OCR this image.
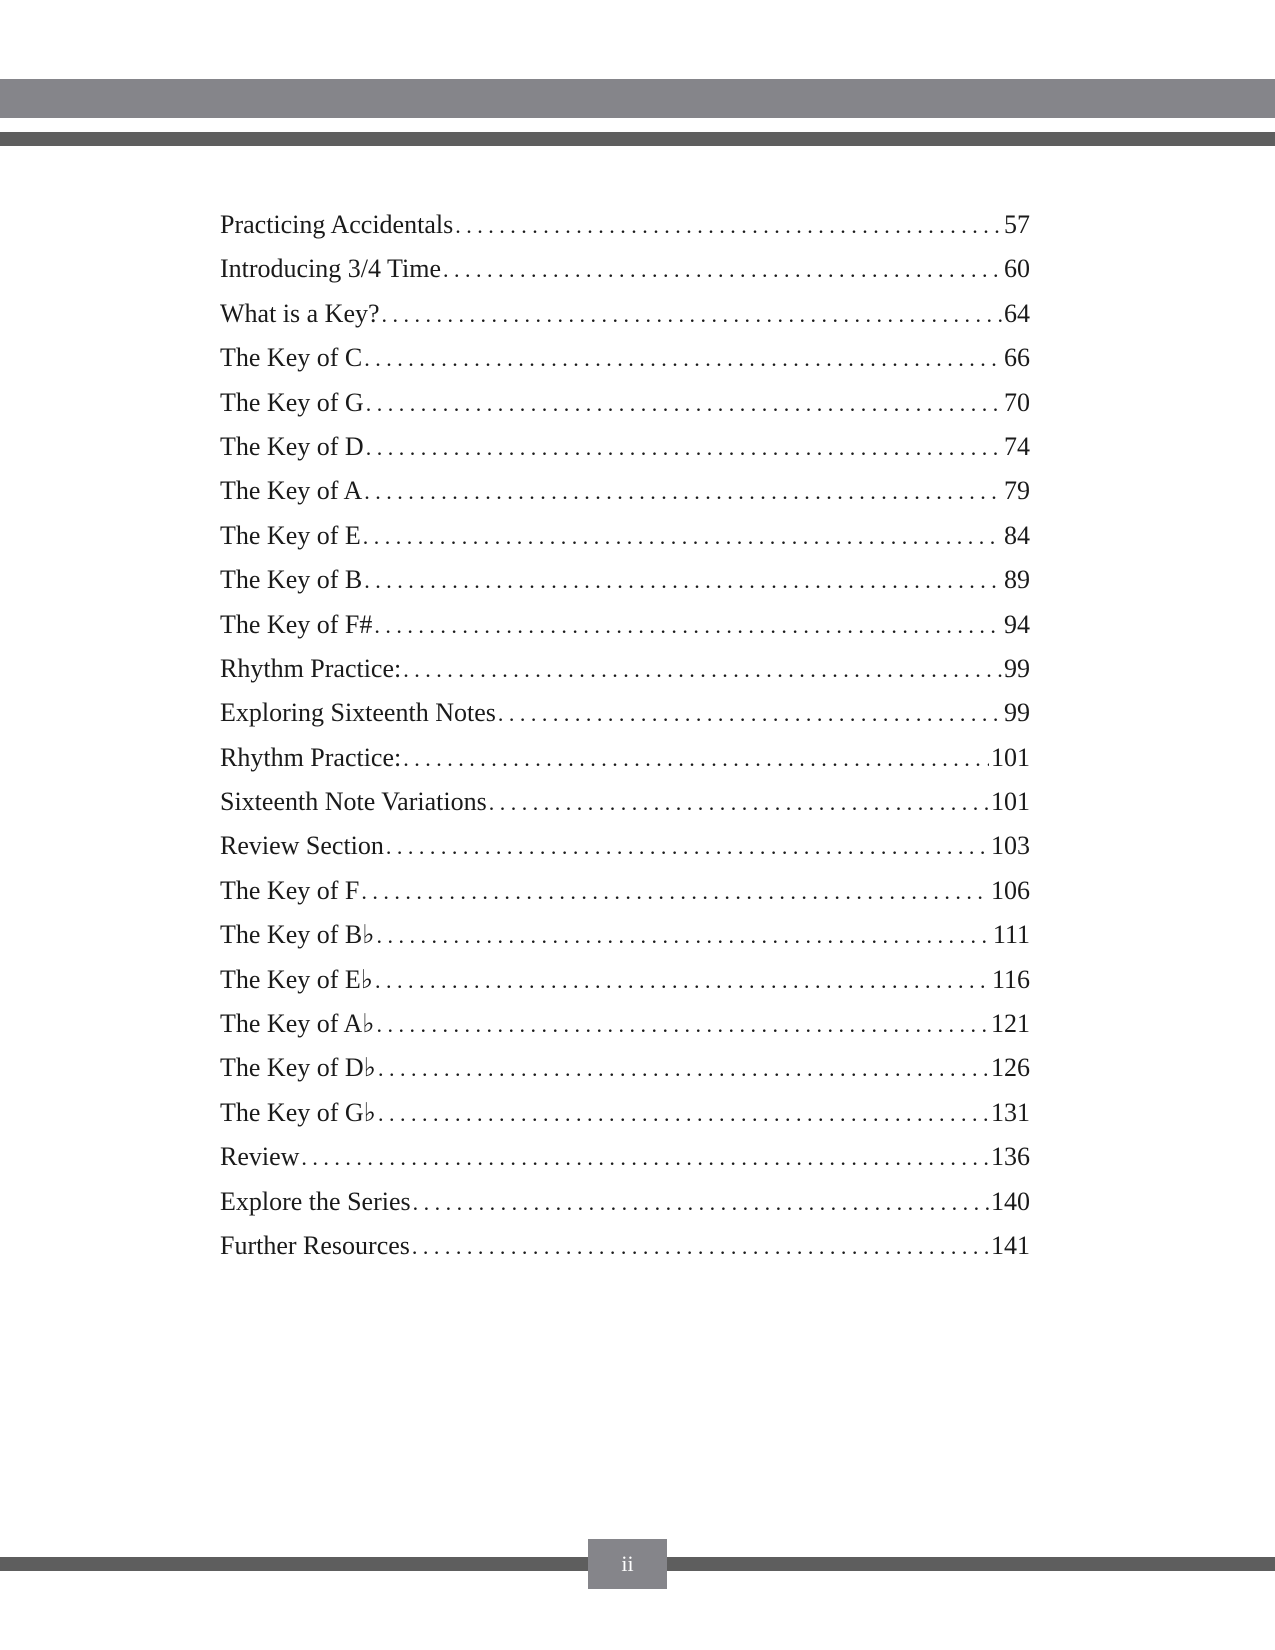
Practicing Accidentals . . .	57
Introducing 3/4 Time . . .	60
What is a Key? . . .	64
The Key of C . . .	66
The Key of G . . .	70
The Key of D . . .	74
The Key of A . . .	79
The Key of E . . .	84
The Key of B . . .	89
The Key of F# . . .	94
Rhythm Practice: . . .	99
Exploring Sixteenth Notes . . .	99
Rhythm Practice: . . .	101
Sixteenth Note Variations . . .	101
Review Section . . .	103
The Key of F . . .	106
The Key of B♭ . . .	111
The Key of E♭ . . .	116
The Key of A♭ . . .	121
The Key of D♭ . . .	126
The Key of G♭ . . .	131
Review . . .	136
Explore the Series . . .	140
Further Resources . . .	141
ii
